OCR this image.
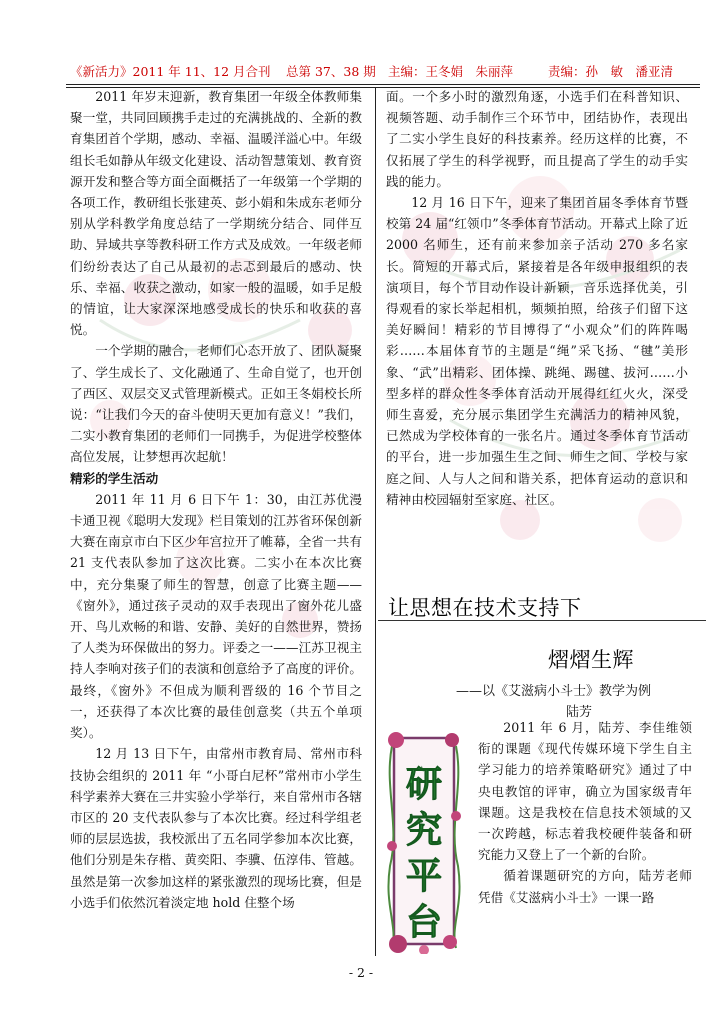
《新活力》2011 年 11、12 月合刊 总第 37、38 期 主编：王冬娟　朱丽萍	责编：孙　敏　潘亚清

2011 年岁末迎新，教育集团一年级全体教师集聚一堂，共同回顾携手走过的充满挑战的、全新的教育集团首个学期，感动、幸福、温暖洋溢心中。年级组长毛如静从年级文化建设、活动智慧策划、教育资源开发和整合等方面全面概括了一年级第一个学期的各项工作，教研组长张建英、彭小娟和朱成东老师分别从学科教学角度总结了一学期统分结合、同伴互助、异域共享等教科研工作方式及成效。一年级老师们纷纷表达了自己从最初的忐忑到最后的感动、快乐、幸福、收获之激动，如家一般的温暖，如手足般的情谊，让大家深深地感受成长的快乐和收获的喜悦。

一个学期的融合，老师们心态开放了、团队凝聚了、学生成长了、文化融通了、生命自觉了，也开创了西区、双层交叉式管理新模式。正如王冬娟校长所说：“让我们今天的奋斗使明天更加有意义！”我们，二实小教育集团的老师们一同携手，为促进学校整体高位发展，让梦想再次起航！

精彩的学生活动

2011 年 11 月 6 日下午 1：30，由江苏优漫卡通卫视《聪明大发现》栏目策划的江苏省环保创新大赛在南京市白下区少年宫拉开了帷幕，全省一共有 21 支代表队参加了这次比赛。二实小在本次比赛中，充分集聚了师生的智慧，创意了比赛主题——《窗外》，通过孩子灵动的双手表现出了窗外花儿盛开、鸟儿欢畅的和谐、安静、美好的自然世界，赞扬了人类为环保做出的努力。评委之一——江苏卫视主持人李响对孩子们的表演和创意给予了高度的评价。最终，《窗外》不但成为顺利晋级的 16 个节目之一，还获得了本次比赛的最佳创意奖（共五个单项奖）。

12 月 13 日下午，由常州市教育局、常州市科技协会组织的 2011 年 “小哥白尼杯”常州市小学生科学素养大赛在三井实验小学举行，来自常州市各辖市区的 20 支代表队参与了本次比赛。经过科学组老师的层层选拔，我校派出了五名同学参加本次比赛，他们分别是朱存楷、黄奕阳、李骥、伍淳伟、管越。虽然是第一次参加这样的紧张激烈的现场比赛，但是小选手们依然沉着淡定地 hold 住整个场

面。一个多小时的激烈角逐，小选手们在科普知识、视频答题、动手制作三个环节中，团结协作，表现出了二实小学生良好的科技素养。经历这样的比赛，不仅拓展了学生的科学视野，而且提高了学生的动手实践的能力。

12 月 16 日下午，迎来了集团首届冬季体育节暨校第 24 届“红领巾”冬季体育节活动。开幕式上除了近 2000 名师生，还有前来参加亲子活动 270 多名家长。简短的开幕式后，紧接着是各年级申报组织的表演项目，每个节目动作设计新颖，音乐选择优美，引得观看的家长举起相机，频频拍照，给孩子们留下这美好瞬间！精彩的节目博得了“小观众”们的阵阵喝彩……本届体育节的主题是“绳”采飞扬、“毽”美形象、“武”出精彩、团体操、跳绳、踢毽、拔河……小型多样的群众性冬季体育活动开展得红红火火，深受师生喜爱，充分展示集团学生充满活力的精神风貌，已然成为学校体育的一张名片。通过冬季体育节活动的平台，进一步加强生生之间、师生之间、学校与家庭之间、人与人之间和谐关系，把体育运动的意识和精神由校园辐射至家庭、社区。

让思想在技术支持下
熠熠生辉
——以《艾滋病小斗士》教学为例
陆芳
研
究
平
台

2011 年 6 月，陆芳、李佳维领衔的课题《现代传媒环境下学生自主学习能力的培养策略研究》通过了中央电教馆的评审，确立为国家级青年课题。这是我校在信息技术领域的又一次跨越，标志着我校硬件装备和研究能力又登上了一个新的台阶。

循着课题研究的方向，陆芳老师凭借《艾滋病小斗士》一课一路

- 2 -
